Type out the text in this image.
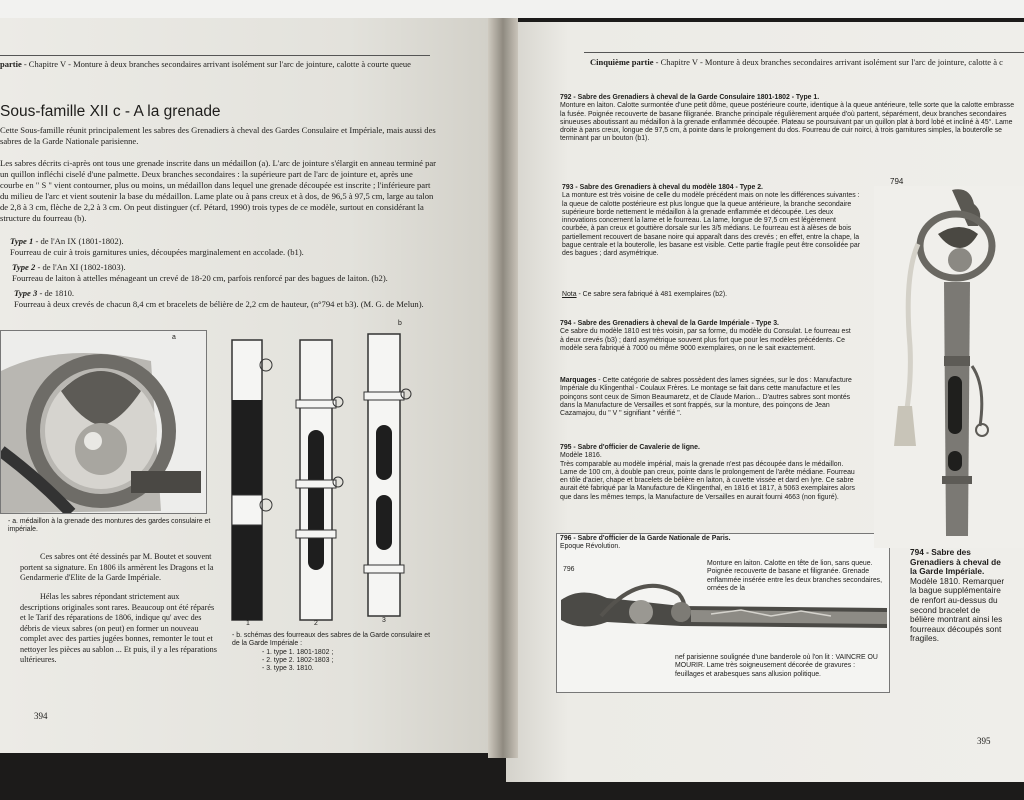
partie - Chapitre V - Monture à deux branches secondaires arrivant isolément sur l'arc de jointure, calotte à courte queue
Sous-famille XII c - A la grenade
Cette Sous-famille réunit principalement les sabres des Grenadiers à cheval des Gardes Consulaire et Impériale, mais aussi des sabres de la Garde Nationale parisienne.
Les sabres décrits ci-après ont tous une grenade inscrite dans un médaillon (a). L'arc de jointure s'élargit en anneau terminé par un quillon infléchi ciselé d'une palmette. Deux branches secondaires : la supérieure part de l'arc de jointure et, après une courbe en " S " vient contourner, plus ou moins, un médaillon dans lequel une grenade découpée est inscrite ; l'inférieure part du milieu de l'arc et vient soutenir la base du médaillon. Lame plate ou à pans creux et à dos, de 96,5 à 97,5 cm, large au talon de 2,8 à 3 cm, flèche de 2,2 à 3 cm. On peut distinguer (cf. Pétard, 1990) trois types de ce modèle, surtout en considérant la structure du fourreau (b).
Type 1 - de l'An IX (1801-1802).
Fourreau de cuir à trois garnitures unies, découpées marginalement en accolade. (b1).
Type 2 - de l'An XI (1802-1803).
Fourreau de laiton à attelles ménageant un crevé de 18-20 cm, parfois renforcé par des bagues de laiton. (b2).
Type 3 - de 1810.
Fourreau à deux crevés de chacun 8,4 cm et bracelets de bélière de 2,2 cm de hauteur, (n°794 et b3). (M. G. de Melun).
a
- a. médaillon à la grenade des montures des gardes consulaire et impériale.
b
1	2	3
- b. schémas des fourreaux des sabres de la Garde consulaire et de la Garde Impériale :
- 1. type 1. 1801-1802 ;
- 2. type 2. 1802-1803 ;
- 3. type 3. 1810.
Ces sabres ont été dessinés par M. Boutet et souvent portent sa signature. En 1806 ils armèrent les Dragons et la Gendarmerie d'Elite de la Garde Impériale.
Hélas les sabres répondant strictement aux descriptions originales sont rares. Beaucoup ont été réparés et le Tarif des réparations de 1806, indique qu' avec des débris de vieux sabres (on peut) en former un nouveau complet avec des parties jugées bonnes, remonter le tout et nettoyer les pièces au sablon ... Et puis, il y a les réparations ultérieures.
394
Cinquième partie - Chapitre V - Monture à deux branches secondaires arrivant isolément sur l'arc de jointure, calotte à c
792 - Sabre des Grenadiers à cheval de la Garde Consulaire 1801-1802 - Type 1.
Monture en laiton. Calotte surmontée d'une petit dôme, queue postérieure courte, identique à la queue antérieure, telle sorte que la calotte embrasse la fusée. Poignée recouverte de basane filigranée. Branche principale régulièrement arquée d'où partent, séparément, deux branches secondaires sinueuses aboutissant au médaillon à la grenade enflammée découpée. Plateau se poursuivant par un quillon plat à bord lobé et incliné à 45°. Lame droite à pans creux, longue de 97,5 cm, à pointe dans le prolongement du dos. Fourreau de cuir noirci, à trois garnitures simples, la bouterolle se terminant par un bouton (b1).
793 - Sabre des Grenadiers à cheval du modèle 1804 - Type 2.
La monture est très voisine de celle du modèle précédent mais on note les différences suivantes : la queue de calotte postérieure est plus longue que la queue antérieure, la branche secondaire supérieure borde nettement le médaillon à la grenade enflammée et découpée. Les deux innovations concernent la lame et le fourreau. La lame, longue de 97,5 cm est légèrement courbée, à pan creux et gouttière dorsale sur les 3/5 médians. Le fourreau est à alèses de bois partiellement recouvert de basane noire qui apparaît dans des crevés ; en effet, entre la chape, la bague centrale et la bouterolle, les basane est visible. Cette partie fragile peut être consolidée par des bagues ; dard asymétrique.
Nota - Ce sabre sera fabriqué à 481 exemplaires (b2).
794 - Sabre des Grenadiers à cheval de la Garde Impériale - Type 3.
Ce sabre du modèle 1810 est très voisin, par sa forme, du modèle du Consulat. Le fourreau est à deux crevés (b3) ; dard asymétrique souvent plus fort que pour les modèles précédents. Ce modèle sera fabriqué à 7000 ou même 9000 exemplaires, on ne le sait exactement.
Marquages - Cette catégorie de sabres possèdent des lames signées, sur le dos : Manufacture Impériale du Klingenthal - Coulaux Frères. Le montage se fait dans cette manufacture et les poinçons sont ceux de Simon Beaumaretz, et de Claude Marion... D'autres sabres sont montés dans la Manufacture de Versailles et sont frappés, sur la monture, des poinçons de Jean Cazamajou, du " V " signifiant " vérifié ".
795 - Sabre d'officier de Cavalerie de ligne.
Modèle 1816.
Très comparable au modèle impérial, mais la grenade n'est pas découpée dans le médaillon. Lame de 100 cm, à double pan creux, pointe dans le prolongement de l'arête médiane. Fourreau en tôle d'acier, chape et bracelets de bélière en laiton, à cuvette vissée et dard en lyre. Ce sabre aurait été fabriqué par la Manufacture de Klingenthal, en 1816 et 1817, à 5063 exemplaires alors que dans les mêmes temps, la Manufacture de Versailles en aurait fourni 4663 (non figuré).
796 - Sabre d'officier de la Garde Nationale de Paris.
Epoque Révolution.
796
Monture en laiton. Calotte en tête de lion, sans queue. Poignée recouverte de basane et filigranée. Grenade enflammée insérée entre les deux branches secondaires, ornées de la
nef parisienne soulignée d'une banderole où l'on lit : VAINCRE OU MOURIR. Lame très soigneusement décorée de gravures : feuillages et arabesques sans allusion politique.
794
794 - Sabre des Grenadiers à cheval de la Garde Impériale.
Modèle 1810. Remarquer la bague supplémentaire de renfort au-dessus du second bracelet de bélière montrant ainsi les fourreaux découpés sont fragiles.
395
